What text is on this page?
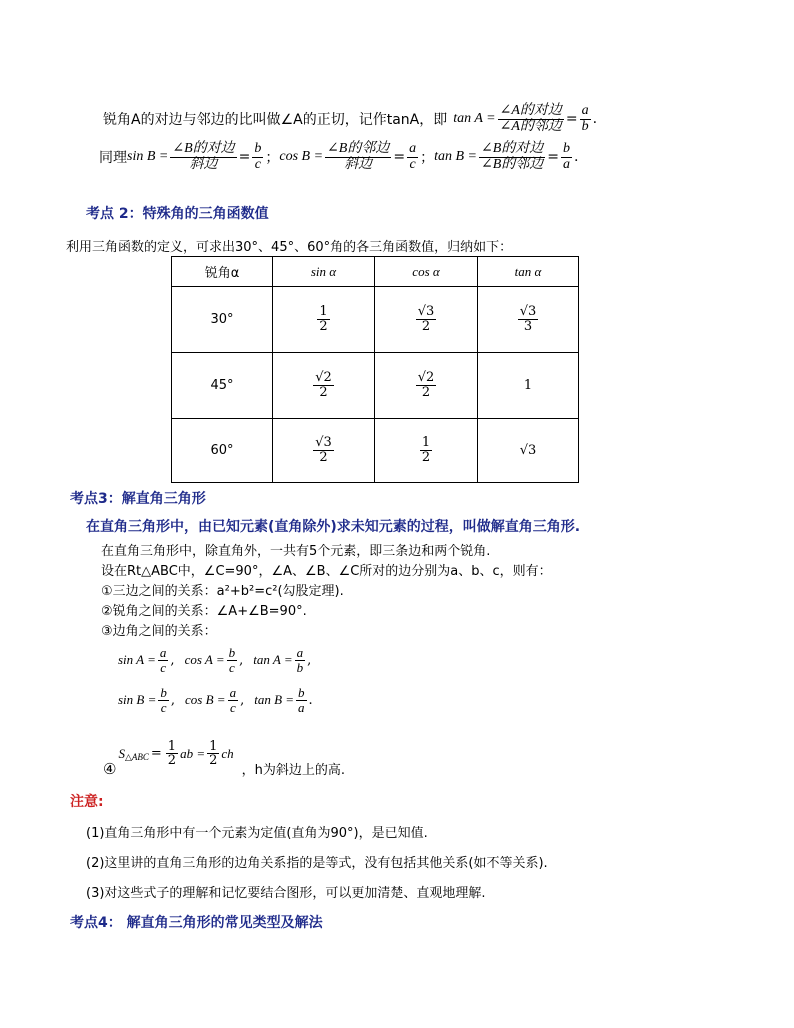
锐角A的对边与邻边的比叫做∠A的正切，记作tanA，即 $\tan A = \frac{\text{∠A的对边}}{\text{∠A的邻边}} = \frac{a}{b}$ .
同理 $\sin B = \frac{\text{∠B的对边}}{\text{斜边}} = \frac{b}{c}$ ； $\cos B = \frac{\text{∠B的邻边}}{\text{斜边}} = \frac{a}{c}$ ； $\tan B = \frac{\text{∠B的对边}}{\text{∠B的邻边}} = \frac{b}{a}$ .
考点 2：特殊角的三角函数值
利用三角函数的定义，可求出30°、45°、60°角的各三角函数值，归纳如下：
锐角α	sin α	cos α	tan α
30°	$\frac{1}{2}$	$\frac{√3}{2}$	$\frac{√3}{3}$

45°	$\frac{√2}{2}$	$\frac{√2}{2}$	1
60°	$\frac{√3}{2}$	$\frac{1}{2}$	√3
考点3：解直角三角形
在直角三角形中，由已知元素(直角除外)求未知元素的过程，叫做解直角三角形.
在直角三角形中，除直角外，一共有5个元素，即三条边和两个锐角.
设在Rt△ABC中，∠C=90°，∠A、∠B、∠C所对的边分别为a、b、c，则有：
①三边之间的关系：a²+b²=c²(勾股定理).
②锐角之间的关系：∠A+∠B=90°.
③边角之间的关系：
$\sin A = \frac{a}{c}$ , $\cos A = \frac{b}{c}$ , $\tan A = \frac{a}{b}$ ,
$\sin B = \frac{b}{c}$ , $\cos B = \frac{a}{c}$ , $\tan B = \frac{b}{a}$ .
④
S △ABC = $\frac{1}{2}$ ab = $\frac{1}{2}$ ch
，h为斜边上的高.
注意:
(1)直角三角形中有一个元素为定值(直角为90°)，是已知值.
(2)这里讲的直角三角形的边角关系指的是等式，没有包括其他关系(如不等关系).
(3)对这些式子的理解和记忆要结合图形，可以更加清楚、直观地理解.
考点4： 解直角三角形的常见类型及解法
